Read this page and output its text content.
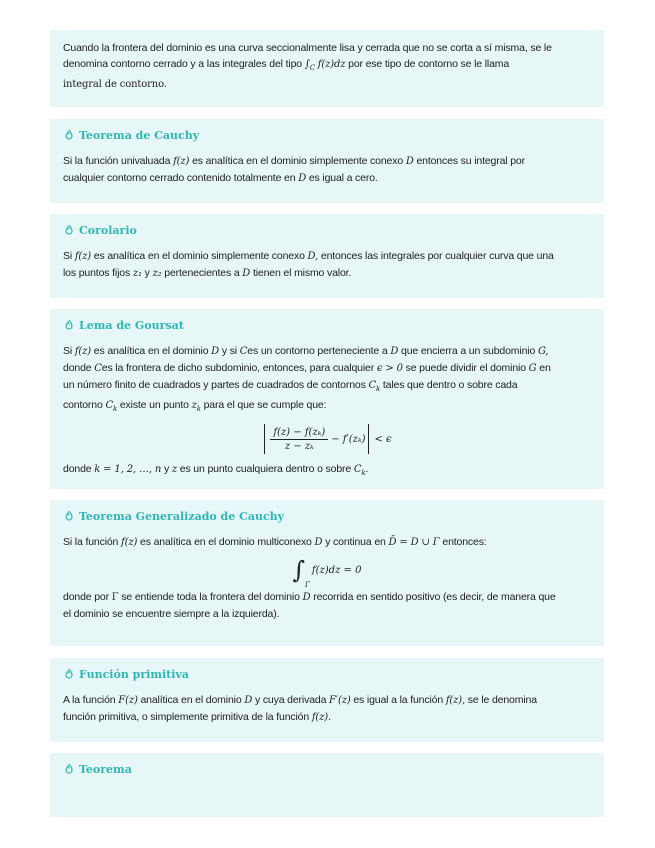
Cuando la frontera del dominio es una curva seccionalmente lisa y cerrada que no se corta a sí misma, se le
denomina contorno cerrado y a las integrales del tipo $\int_C$ f(z)dz por ese tipo de contorno se le llama
integral de contorno.

Teorema de Cauchy

Si la función univaluada f(z) es analítica en el dominio simplemente conexo D entonces su integral por
cualquier contorno cerrado contenido totalmente en D es igual a cero.

Corolario

Si f(z) es analítica en el dominio simplemente conexo D, entonces las integrales por cualquier curva que una
los puntos fijos z₁ y z₂ pertenecientes a D tienen el mismo valor.

Lema de Goursat

Si f(z) es analítica en el dominio D y si Ces un contorno perteneciente a D que encierra a un subdominio G,
donde Ces la frontera de dicho subdominio, entonces, para cualquier ϵ > 0 se puede dividir el dominio G en
un número finito de cuadrados y partes de cuadrados de contornos $C_k$ tales que dentro o sobre cada
contorno $C_k$ existe un punto $z_k$ para el que se cumple que:

$\frac{\text{f(z) − f(zₖ)}}{\text{z − zₖ}} - f'(z_k) < \epsilon$

donde k = 1, 2, …, n y z es un punto cualquiera dentro o sobre $C_k$.

Teorema Generalizado de Cauchy

Si la función f(z) es analítica en el dominio multiconexo D y continua en D̄ = D ∪ Γ entonces:

∫
$_\Gamma$
f(z)dz = 0

donde por Γ se entiende toda la frontera del dominio D recorrida en sentido positivo (es decir, de manera que
el dominio se encuentre siempre a la izquierda).

Función primitiva

A la función F(z) analítica en el dominio D y cuya derivada F′(z) es igual a la función f(z), se le denomina
función primitiva, o simplemente primitiva de la función f(z).

Teorema
